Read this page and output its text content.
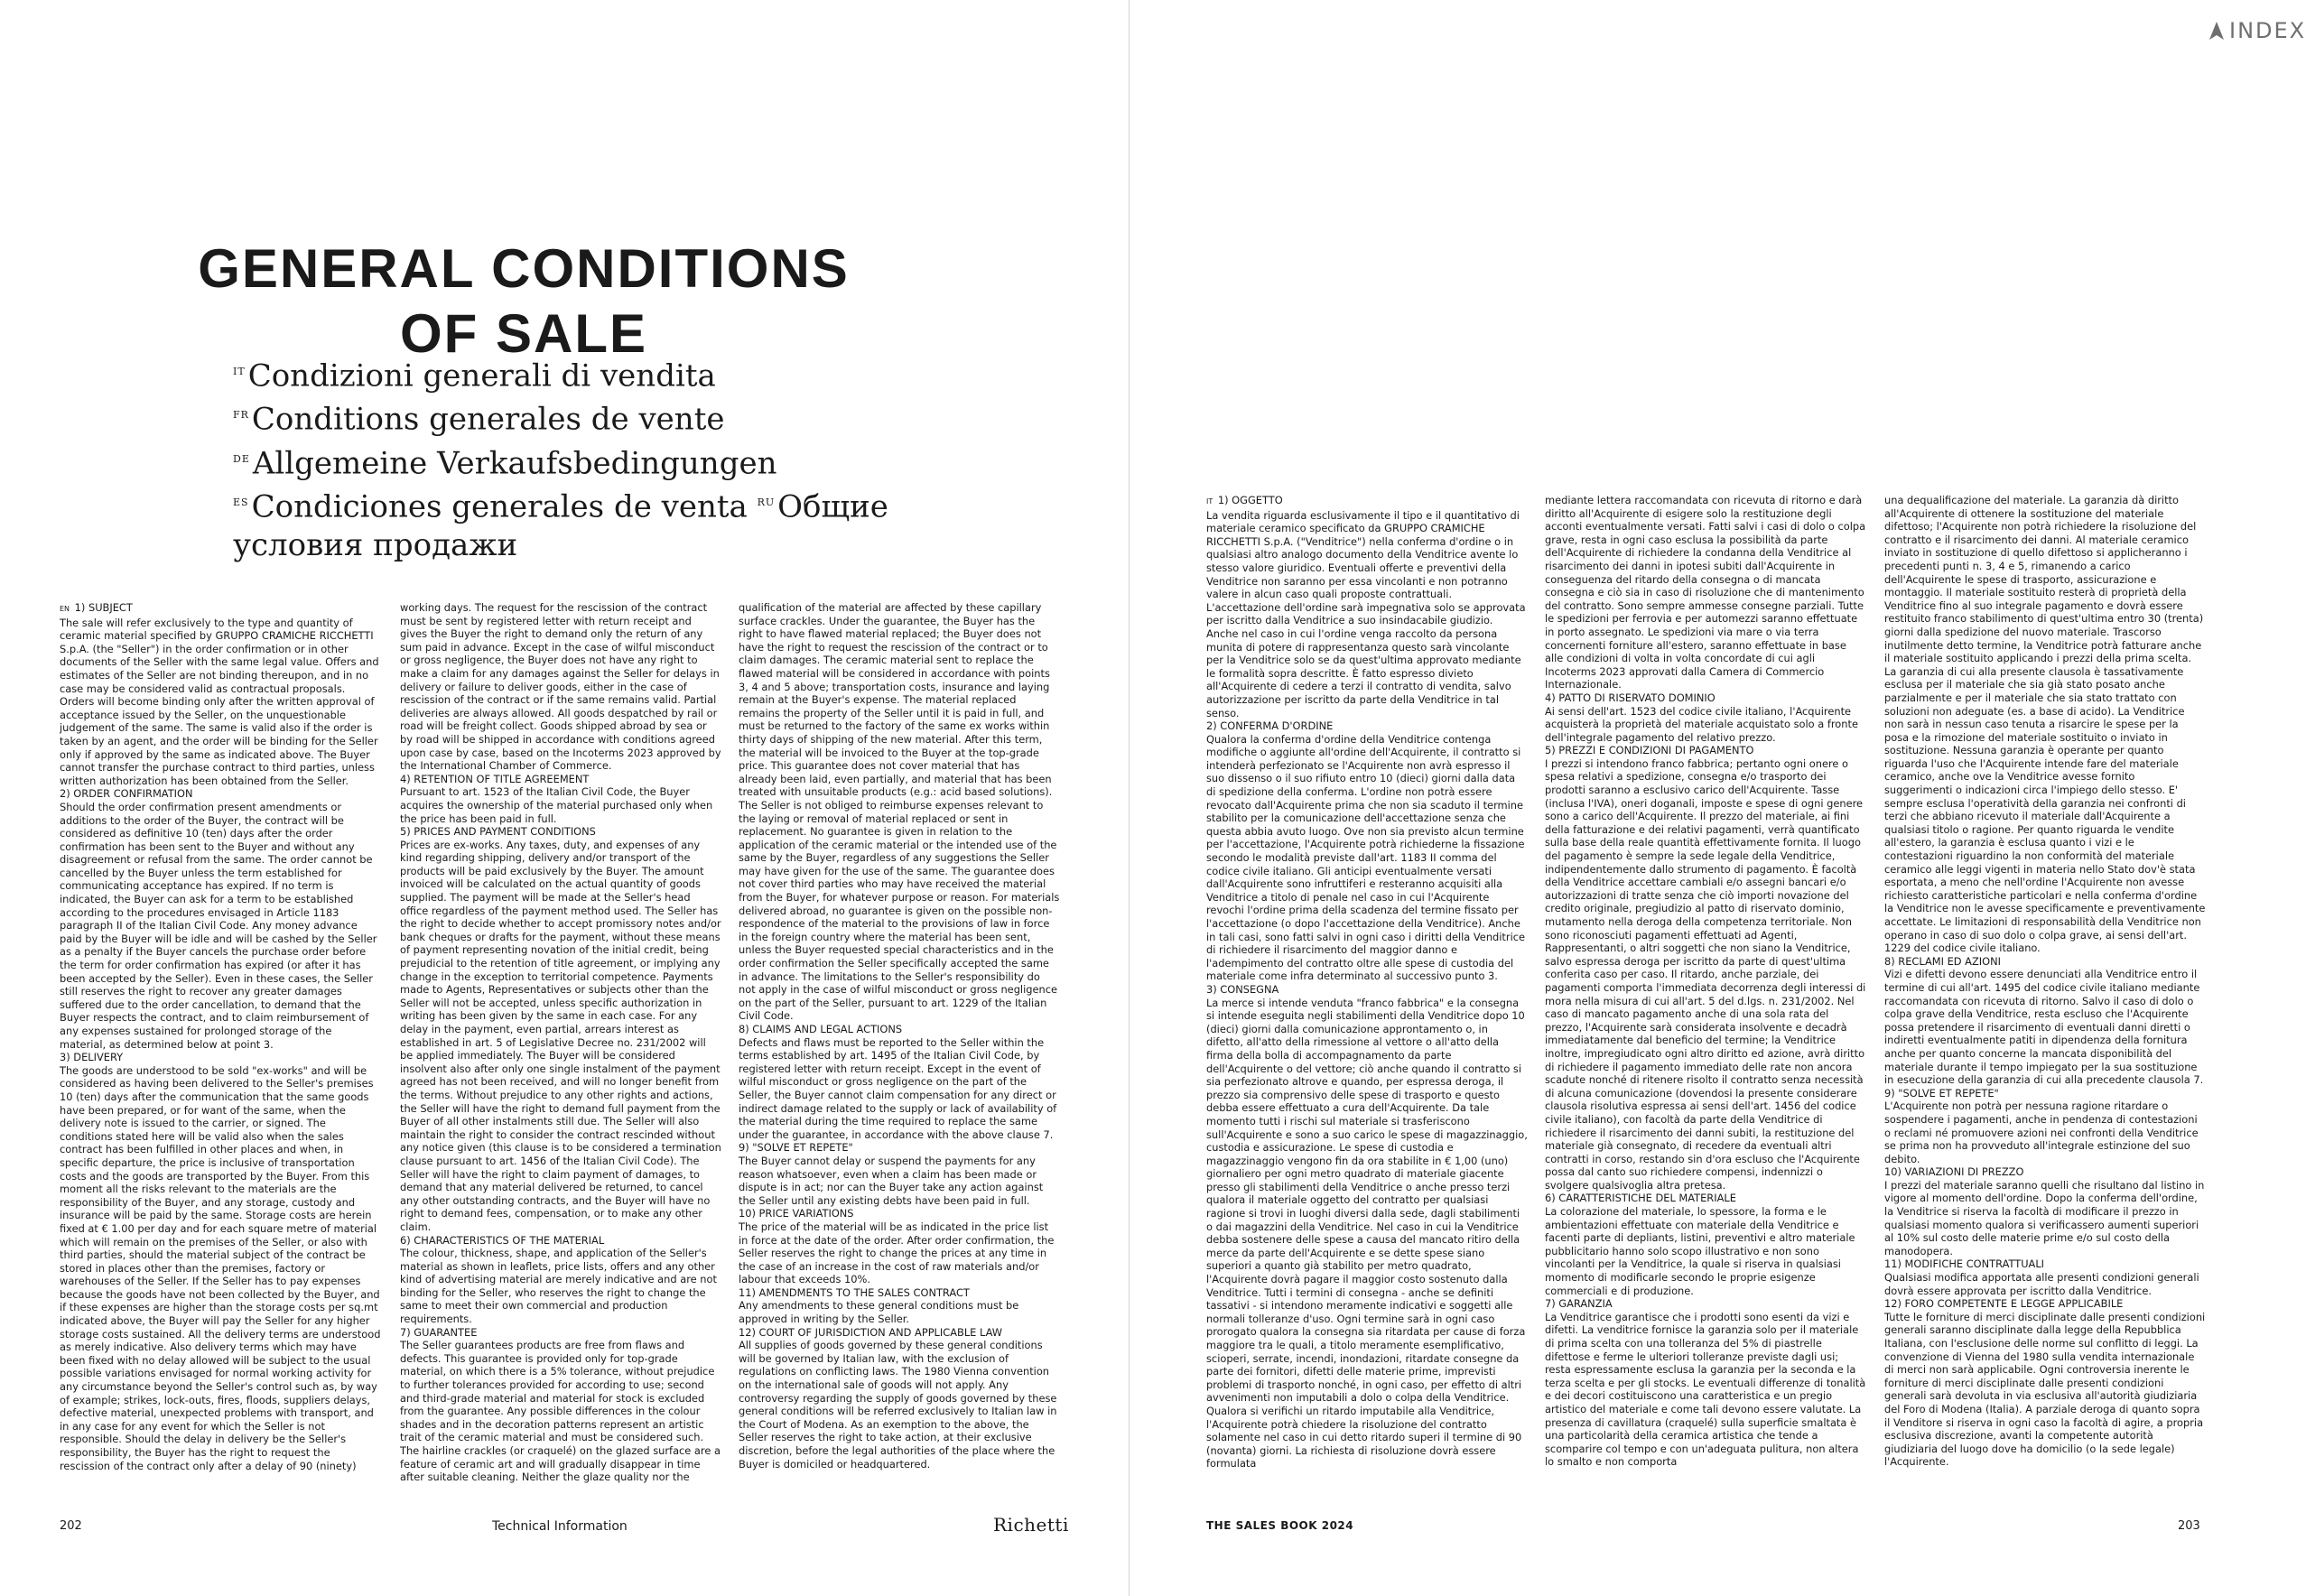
GENERAL CONDITIONS
OF SALE
$^{IT}$Condizioni generali di vendita
$^{FR}$Conditions generales de vente $^{DE}$Allgemeine Verkaufsbedingungen $^{ES}$Condiciones generales de venta $^{RU}$Общие условия продажи
EN 1) SUBJECT
The sale will refer exclusively to the type and quantity of ceramic material specified by GRUPPO CRAMICHE RICCHETTI S.p.A. (the "Seller") in the order confirmation or in other documents of the Seller with the same legal value. Offers and estimates of the Seller are not binding thereupon, and in no case may be considered valid as contractual proposals. Orders will become binding only after the written approval of acceptance issued by the Seller, on the unquestionable judgement of the same. The same is valid also if the order is taken by an agent, and the order will be binding for the Seller only if approved by the same as indicated above. The Buyer cannot transfer the purchase contract to third parties, unless written authorization has been obtained from the Seller.
2) ORDER CONFIRMATION
Should the order confirmation present amendments or additions to the order of the Buyer, the contract will be considered as definitive 10 (ten) days after the order confirmation has been sent to the Buyer and without any disagreement or refusal from the same. The order cannot be cancelled by the Buyer unless the term established for communicating acceptance has expired. If no term is indicated, the Buyer can ask for a term to be established according to the procedures envisaged in Article 1183 paragraph II of the Italian Civil Code. Any money advance paid by the Buyer will be idle and will be cashed by the Seller as a penalty if the Buyer cancels the purchase order before the term for order confirmation has expired (or after it has been accepted by the Seller). Even in these cases, the Seller still reserves the right to recover any greater damages suffered due to the order cancellation, to demand that the Buyer respects the contract, and to claim reimbursement of any expenses sustained for prolonged storage of the material, as determined below at point 3.
3) DELIVERY
The goods are understood to be sold "ex-works" and will be considered as having been delivered to the Seller's premises 10 (ten) days after the communication that the same goods have been prepared, or for want of the same, when the delivery note is issued to the carrier, or signed. The conditions stated here will be valid also when the sales contract has been fulfilled in other places and when, in specific departure, the price is inclusive of transportation costs and the goods are transported by the Buyer. From this moment all the risks relevant to the materials are the responsibility of the Buyer, and any storage, custody and insurance will be paid by the same. Storage costs are herein fixed at € 1.00 per day and for each square metre of material which will remain on the premises of the Seller, or also with third parties, should the material subject of the contract be stored in places other than the premises, factory or warehouses of the Seller. If the Seller has to pay expenses because the goods have not been collected by the Buyer, and if these expenses are higher than the storage costs per sq.mt indicated above, the Buyer will pay the Seller for any higher storage costs sustained. All the delivery terms are understood as merely indicative. Also delivery terms which may have been fixed with no delay allowed will be subject to the usual possible variations envisaged for normal working activity for any circumstance beyond the Seller's control such as, by way of example; strikes, lock-outs, fires, floods, suppliers delays, defective material, unexpected problems with transport, and in any case for any event for which the Seller is not responsible. Should the delay in delivery be the Seller's responsibility, the Buyer has the right to request the rescission of the contract only after a delay of 90 (ninety)
working days. The request for the rescission of the contract must be sent by registered letter with return receipt and gives the Buyer the right to demand only the return of any sum paid in advance. Except in the case of wilful misconduct or gross negligence, the Buyer does not have any right to make a claim for any damages against the Seller for delays in delivery or failure to deliver goods, either in the case of rescission of the contract or if the same remains valid. Partial deliveries are always allowed. All goods despatched by rail or road will be freight collect. Goods shipped abroad by sea or by road will be shipped in accordance with conditions agreed upon case by case, based on the Incoterms 2023 approved by the International Chamber of Commerce.
4) RETENTION OF TITLE AGREEMENT
Pursuant to art. 1523 of the Italian Civil Code, the Buyer acquires the ownership of the material purchased only when the price has been paid in full.
5) PRICES AND PAYMENT CONDITIONS
Prices are ex-works. Any taxes, duty, and expenses of any kind regarding shipping, delivery and/or transport of the products will be paid exclusively by the Buyer. The amount invoiced will be calculated on the actual quantity of goods supplied. The payment will be made at the Seller's head office regardless of the payment method used. The Seller has the right to decide whether to accept promissory notes and/or bank cheques or drafts for the payment, without these means of payment representing novation of the initial credit, being prejudicial to the retention of title agreement, or implying any change in the exception to territorial competence. Payments made to Agents, Representatives or subjects other than the Seller will not be accepted, unless specific authorization in writing has been given by the same in each case. For any delay in the payment, even partial, arrears interest as established in art. 5 of Legislative Decree no. 231/2002 will be applied immediately. The Buyer will be considered insolvent also after only one single instalment of the payment agreed has not been received, and will no longer benefit from the terms. Without prejudice to any other rights and actions, the Seller will have the right to demand full payment from the Buyer of all other instalments still due. The Seller will also maintain the right to consider the contract rescinded without any notice given (this clause is to be considered a termination clause pursuant to art. 1456 of the Italian Civil Code). The Seller will have the right to claim payment of damages, to demand that any material delivered be returned, to cancel any other outstanding contracts, and the Buyer will have no right to demand fees, compensation, or to make any other claim.
6) CHARACTERISTICS OF THE MATERIAL
The colour, thickness, shape, and application of the Seller's material as shown in leaflets, price lists, offers and any other kind of advertising material are merely indicative and are not binding for the Seller, who reserves the right to change the same to meet their own commercial and production requirements.
7) GUARANTEE
The Seller guarantees products are free from flaws and defects. This guarantee is provided only for top-grade material, on which there is a 5% tolerance, without prejudice to further tolerances provided for according to use; second and third-grade material and material for stock is excluded from the guarantee. Any possible differences in the colour shades and in the decoration patterns represent an artistic trait of the ceramic material and must be considered such. The hairline crackles (or craquelé) on the glazed surface are a feature of ceramic art and will gradually disappear in time after suitable cleaning. Neither the glaze quality nor the
qualification of the material are affected by these capillary surface crackles. Under the guarantee, the Buyer has the right to have flawed material replaced; the Buyer does not have the right to request the rescission of the contract or to claim damages. The ceramic material sent to replace the flawed material will be considered in accordance with points 3, 4 and 5 above; transportation costs, insurance and laying remain at the Buyer's expense. The material replaced remains the property of the Seller until it is paid in full, and must be returned to the factory of the same ex works within thirty days of shipping of the new material. After this term, the material will be invoiced to the Buyer at the top-grade price. This guarantee does not cover material that has already been laid, even partially, and material that has been treated with unsuitable products (e.g.: acid based solutions). The Seller is not obliged to reimburse expenses relevant to the laying or removal of material replaced or sent in replacement. No guarantee is given in relation to the application of the ceramic material or the intended use of the same by the Buyer, regardless of any suggestions the Seller may have given for the use of the same. The guarantee does not cover third parties who may have received the material from the Buyer, for whatever purpose or reason. For materials delivered abroad, no guarantee is given on the possible non-respondence of the material to the provisions of law in force in the foreign country where the material has been sent, unless the Buyer requested special characteristics and in the order confirmation the Seller specifically accepted the same in advance. The limitations to the Seller's responsibility do not apply in the case of wilful misconduct or gross negligence on the part of the Seller, pursuant to art. 1229 of the Italian Civil Code.
8) CLAIMS AND LEGAL ACTIONS
Defects and flaws must be reported to the Seller within the terms established by art. 1495 of the Italian Civil Code, by registered letter with return receipt. Except in the event of wilful misconduct or gross negligence on the part of the Seller, the Buyer cannot claim compensation for any direct or indirect damage related to the supply or lack of availability of the material during the time required to replace the same under the guarantee, in accordance with the above clause 7.
9) "SOLVE ET REPETE"
The Buyer cannot delay or suspend the payments for any reason whatsoever, even when a claim has been made or dispute is in act; nor can the Buyer take any action against the Seller until any existing debts have been paid in full.
10) PRICE VARIATIONS
The price of the material will be as indicated in the price list in force at the date of the order. After order confirmation, the Seller reserves the right to change the prices at any time in the case of an increase in the cost of raw materials and/or labour that exceeds 10%.
11) AMENDMENTS TO THE SALES CONTRACT
Any amendments to these general conditions must be approved in writing by the Seller.
12) COURT OF JURISDICTION AND APPLICABLE LAW
All supplies of goods governed by these general conditions will be governed by Italian law, with the exclusion of regulations on conflicting laws. The 1980 Vienna convention on the international sale of goods will not apply. Any controversy regarding the supply of goods governed by these general conditions will be referred exclusively to Italian law in the Court of Modena. As an exemption to the above, the Seller reserves the right to take action, at their exclusive discretion, before the legal authorities of the place where the Buyer is domiciled or headquartered.
202	Technical Information	Richetti
INDEX
IT 1) OGGETTO
La vendita riguarda esclusivamente il tipo e il quantitativo di materiale ceramico specificato da GRUPPO CRAMICHE RICCHETTI S.p.A. ("Venditrice") nella conferma d'ordine o in qualsiasi altro analogo documento della Venditrice avente lo stesso valore giuridico. Eventuali offerte e preventivi della Venditrice non saranno per essa vincolanti e non potranno valere in alcun caso quali proposte contrattuali. L'accettazione dell'ordine sarà impegnativa solo se approvata per iscritto dalla Venditrice a suo insindacabile giudizio. Anche nel caso in cui l'ordine venga raccolto da persona munita di potere di rappresentanza questo sarà vincolante per la Venditrice solo se da quest'ultima approvato mediante le formalità sopra descritte. È fatto espresso divieto all'Acquirente di cedere a terzi il contratto di vendita, salvo autorizzazione per iscritto da parte della Venditrice in tal senso.
2) CONFERMA D'ORDINE
Qualora la conferma d'ordine della Venditrice contenga modifiche o aggiunte all'ordine dell'Acquirente, il contratto si intenderà perfezionato se l'Acquirente non avrà espresso il suo dissenso o il suo rifiuto entro 10 (dieci) giorni dalla data di spedizione della conferma. L'ordine non potrà essere revocato dall'Acquirente prima che non sia scaduto il termine stabilito per la comunicazione dell'accettazione senza che questa abbia avuto luogo. Ove non sia previsto alcun termine per l'accettazione, l'Acquirente potrà richiederne la fissazione secondo le modalità previste dall'art. 1183 II comma del codice civile italiano. Gli anticipi eventualmente versati dall'Acquirente sono infruttiferi e resteranno acquisiti alla Venditrice a titolo di penale nel caso in cui l'Acquirente revochi l'ordine prima della scadenza del termine fissato per l'accettazione (o dopo l'accettazione della Venditrice). Anche in tali casi, sono fatti salvi in ogni caso i diritti della Venditrice di richiedere il risarcimento del maggior danno e l'adempimento del contratto oltre alle spese di custodia del materiale come infra determinato al successivo punto 3.
3) CONSEGNA
La merce si intende venduta "franco fabbrica" e la consegna si intende eseguita negli stabilimenti della Venditrice dopo 10 (dieci) giorni dalla comunicazione approntamento o, in difetto, all'atto della rimessione al vettore o all'atto della firma della bolla di accompagnamento da parte dell'Acquirente o del vettore; ciò anche quando il contratto si sia perfezionato altrove e quando, per espressa deroga, il prezzo sia comprensivo delle spese di trasporto e questo debba essere effettuato a cura dell'Acquirente. Da tale momento tutti i rischi sul materiale si trasferiscono sull'Acquirente e sono a suo carico le spese di magazzinaggio, custodia e assicurazione. Le spese di custodia e magazzinaggio vengono fin da ora stabilite in € 1,00 (uno) giornaliero per ogni metro quadrato di materiale giacente presso gli stabilimenti della Venditrice o anche presso terzi qualora il materiale oggetto del contratto per qualsiasi ragione si trovi in luoghi diversi dalla sede, dagli stabilimenti o dai magazzini della Venditrice. Nel caso in cui la Venditrice debba sostenere delle spese a causa del mancato ritiro della merce da parte dell'Acquirente e se dette spese siano superiori a quanto già stabilito per metro quadrato, l'Acquirente dovrà pagare il maggior costo sostenuto dalla Venditrice. Tutti i termini di consegna - anche se definiti tassativi - si intendono meramente indicativi e soggetti alle normali tolleranze d'uso. Ogni termine sarà in ogni caso prorogato qualora la consegna sia ritardata per cause di forza maggiore tra le quali, a titolo meramente esemplificativo, scioperi, serrate, incendi, inondazioni, ritardate consegne da parte dei fornitori, difetti delle materie prime, imprevisti problemi di trasporto nonché, in ogni caso, per effetto di altri avvenimenti non imputabili a dolo o colpa della Venditrice. Qualora si verifichi un ritardo imputabile alla Venditrice, l'Acquirente potrà chiedere la risoluzione del contratto solamente nel caso in cui detto ritardo superi il termine di 90 (novanta) giorni. La richiesta di risoluzione dovrà essere formulata
mediante lettera raccomandata con ricevuta di ritorno e darà diritto all'Acquirente di esigere solo la restituzione degli acconti eventualmente versati. Fatti salvi i casi di dolo o colpa grave, resta in ogni caso esclusa la possibilità da parte dell'Acquirente di richiedere la condanna della Venditrice al risarcimento dei danni in ipotesi subiti dall'Acquirente in conseguenza del ritardo della consegna o di mancata consegna e ciò sia in caso di risoluzione che di mantenimento del contratto. Sono sempre ammesse consegne parziali. Tutte le spedizioni per ferrovia e per automezzi saranno effettuate in porto assegnato. Le spedizioni via mare o via terra concernenti forniture all'estero, saranno effettuate in base alle condizioni di volta in volta concordate di cui agli Incoterms 2023 approvati dalla Camera di Commercio Internazionale.
4) PATTO DI RISERVATO DOMINIO
Ai sensi dell'art. 1523 del codice civile italiano, l'Acquirente acquisterà la proprietà del materiale acquistato solo a fronte dell'integrale pagamento del relativo prezzo.
5) PREZZI E CONDIZIONI DI PAGAMENTO
I prezzi si intendono franco fabbrica; pertanto ogni onere o spesa relativi a spedizione, consegna e/o trasporto dei prodotti saranno a esclusivo carico dell'Acquirente. Tasse (inclusa l'IVA), oneri doganali, imposte e spese di ogni genere sono a carico dell'Acquirente. Il prezzo del materiale, ai fini della fatturazione e dei relativi pagamenti, verrà quantificato sulla base della reale quantità effettivamente fornita. Il luogo del pagamento è sempre la sede legale della Venditrice, indipendentemente dallo strumento di pagamento. È facoltà della Venditrice accettare cambiali e/o assegni bancari e/o autorizzazioni di tratte senza che ciò importi novazione del credito originale, pregiudizio al patto di riservato dominio, mutamento nella deroga della competenza territoriale. Non sono riconosciuti pagamenti effettuati ad Agenti, Rappresentanti, o altri soggetti che non siano la Venditrice, salvo espressa deroga per iscritto da parte di quest'ultima conferita caso per caso. Il ritardo, anche parziale, dei pagamenti comporta l'immediata decorrenza degli interessi di mora nella misura di cui all'art. 5 del d.lgs. n. 231/2002. Nel caso di mancato pagamento anche di una sola rata del prezzo, l'Acquirente sarà considerata insolvente e decadrà immediatamente dal beneficio del termine; la Venditrice inoltre, impregiudicato ogni altro diritto ed azione, avrà diritto di richiedere il pagamento immediato delle rate non ancora scadute nonché di ritenere risolto il contratto senza necessità di alcuna comunicazione (dovendosi la presente considerare clausola risolutiva espressa ai sensi dell'art. 1456 del codice civile italiano), con facoltà da parte della Venditrice di richiedere il risarcimento dei danni subiti, la restituzione del materiale già consegnato, di recedere da eventuali altri contratti in corso, restando sin d'ora escluso che l'Acquirente possa dal canto suo richiedere compensi, indennizzi o svolgere qualsivoglia altra pretesa.
6) CARATTERISTICHE DEL MATERIALE
La colorazione del materiale, lo spessore, la forma e le ambientazioni effettuate con materiale della Venditrice e facenti parte di depliants, listini, preventivi e altro materiale pubblicitario hanno solo scopo illustrativo e non sono vincolanti per la Venditrice, la quale si riserva in qualsiasi momento di modificarle secondo le proprie esigenze commerciali e di produzione.
7) GARANZIA
La Venditrice garantisce che i prodotti sono esenti da vizi e difetti. La venditrice fornisce la garanzia solo per il materiale di prima scelta con una tolleranza del 5% di piastrelle difettose e ferme le ulteriori tolleranze previste dagli usi; resta espressamente esclusa la garanzia per la seconda e la terza scelta e per gli stocks. Le eventuali differenze di tonalità e dei decori costituiscono una caratteristica e un pregio artistico del materiale e come tali devono essere valutate. La presenza di cavillatura (craquelé) sulla superficie smaltata è una particolarità della ceramica artistica che tende a scomparire col tempo e con un'adeguata pulitura, non altera lo smalto e non comporta
una dequalificazione del materiale. La garanzia dà diritto all'Acquirente di ottenere la sostituzione del materiale difettoso; l'Acquirente non potrà richiedere la risoluzione del contratto e il risarcimento dei danni. Al materiale ceramico inviato in sostituzione di quello difettoso si applicheranno i precedenti punti n. 3, 4 e 5, rimanendo a carico dell'Acquirente le spese di trasporto, assicurazione e montaggio. Il materiale sostituito resterà di proprietà della Venditrice fino al suo integrale pagamento e dovrà essere restituito franco stabilimento di quest'ultima entro 30 (trenta) giorni dalla spedizione del nuovo materiale. Trascorso inutilmente detto termine, la Venditrice potrà fatturare anche il materiale sostituito applicando i prezzi della prima scelta. La garanzia di cui alla presente clausola è tassativamente esclusa per il materiale che sia già stato posato anche parzialmente e per il materiale che sia stato trattato con soluzioni non adeguate (es. a base di acido). La Venditrice non sarà in nessun caso tenuta a risarcire le spese per la posa e la rimozione del materiale sostituito o inviato in sostituzione. Nessuna garanzia è operante per quanto riguarda l'uso che l'Acquirente intende fare del materiale ceramico, anche ove la Venditrice avesse fornito suggerimenti o indicazioni circa l'impiego dello stesso. E' sempre esclusa l'operatività della garanzia nei confronti di terzi che abbiano ricevuto il materiale dall'Acquirente a qualsiasi titolo o ragione. Per quanto riguarda le vendite all'estero, la garanzia è esclusa quanto i vizi e le contestazioni riguardino la non conformità del materiale ceramico alle leggi vigenti in materia nello Stato dov'è stata esportata, a meno che nell'ordine l'Acquirente non avesse richiesto caratteristiche particolari e nella conferma d'ordine la Venditrice non le avesse specificamente e preventivamente accettate. Le limitazioni di responsabilità della Venditrice non operano in caso di suo dolo o colpa grave, ai sensi dell'art. 1229 del codice civile italiano.
8) RECLAMI ED AZIONI
Vizi e difetti devono essere denunciati alla Venditrice entro il termine di cui all'art. 1495 del codice civile italiano mediante raccomandata con ricevuta di ritorno. Salvo il caso di dolo o colpa grave della Venditrice, resta escluso che l'Acquirente possa pretendere il risarcimento di eventuali danni diretti o indiretti eventualmente patiti in dipendenza della fornitura anche per quanto concerne la mancata disponibilità del materiale durante il tempo impiegato per la sua sostituzione in esecuzione della garanzia di cui alla precedente clausola 7.
9) "SOLVE ET REPETE"
L'Acquirente non potrà per nessuna ragione ritardare o sospendere i pagamenti, anche in pendenza di contestazioni o reclami né promuovere azioni nei confronti della Venditrice se prima non ha provveduto all'integrale estinzione del suo debito.
10) VARIAZIONI DI PREZZO
I prezzi del materiale saranno quelli che risultano dal listino in vigore al momento dell'ordine. Dopo la conferma dell'ordine, la Venditrice si riserva la facoltà di modificare il prezzo in qualsiasi momento qualora si verificassero aumenti superiori al 10% sul costo delle materie prime e/o sul costo della manodopera.
11) MODIFICHE CONTRATTUALI
Qualsiasi modifica apportata alle presenti condizioni generali dovrà essere approvata per iscritto dalla Venditrice.
12) FORO COMPETENTE E LEGGE APPLICABILE
Tutte le forniture di merci disciplinate dalle presenti condizioni generali saranno disciplinate dalla legge della Repubblica Italiana, con l'esclusione delle norme sul conflitto di leggi. La convenzione di Vienna del 1980 sulla vendita internazionale di merci non sarà applicabile. Ogni controversia inerente le forniture di merci disciplinate dalle presenti condizioni generali sarà devoluta in via esclusiva all'autorità giudiziaria del Foro di Modena (Italia). A parziale deroga di quanto sopra il Venditore si riserva in ogni caso la facoltà di agire, a propria esclusiva discrezione, avanti la competente autorità giudiziaria del luogo dove ha domicilio (o la sede legale) l'Acquirente.
THE SALES BOOK 2024	203
